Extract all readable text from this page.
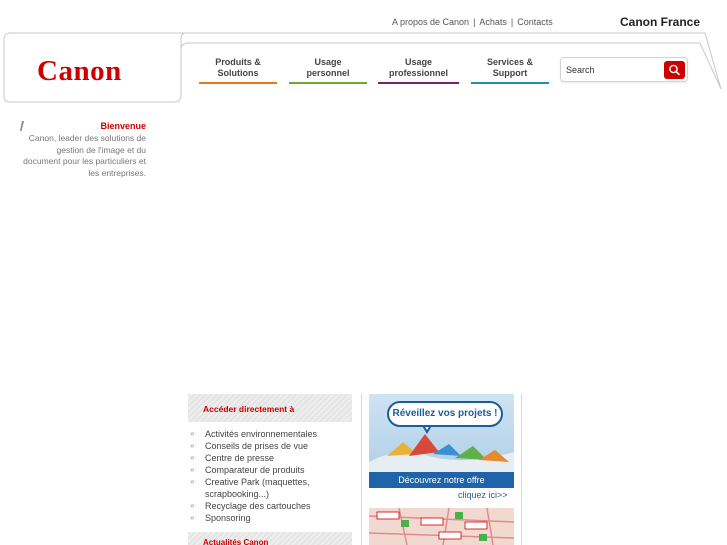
A propos de Canon | Achats | Contacts	Canon France
Canon	Produits &
Solutions
Usage
personnel
Usage
professionnel
Services &
Support
Search
Bienvenue
Canon, leader des solutions de gestion de l'image et du document pour les particuliers et les entreprises.
Accéder directement à
» Activités environnementales
» Conseils de prises de vue
» Centre de presse
» Comparateur de produits
» Creative Park (maquettes, scrapbooking...)
» Recyclage des cartouches
» Sponsoring
Actualités Canon
Réveillez vos projets !
Découvrez notre offre
cliquez ici>>
